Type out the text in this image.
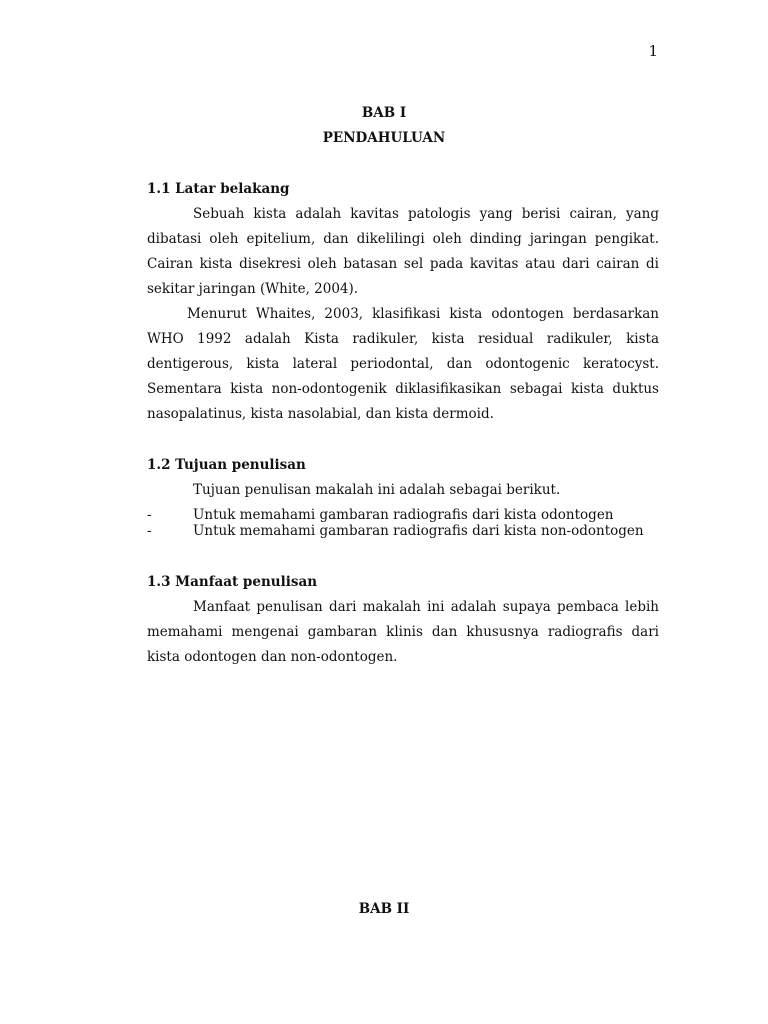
1
BAB I
PENDAHULUAN
1.1 Latar belakang

Sebuah kista adalah kavitas patologis yang berisi cairan, yang dibatasi oleh epitelium, dan dikelilingi oleh dinding jaringan pengikat. Cairan kista disekresi oleh batasan sel pada kavitas atau dari cairan di sekitar jaringan (White, 2004).

Menurut Whaites, 2003, klasifikasi kista odontogen berdasarkan WHO 1992 adalah Kista radikuler, kista residual radikuler, kista dentigerous, kista lateral periodontal, dan odontogenic keratocyst. Sementara kista non-odontogenik diklasifikasikan sebagai kista duktus nasopalatinus, kista nasolabial, dan kista dermoid.

1.2 Tujuan penulisan
Tujuan penulisan makalah ini adalah sebagai berikut.
-	Untuk memahami gambaran radiografis dari kista odontogen
-	Untuk memahami gambaran radiografis dari kista non-odontogen
1.3 Manfaat penulisan

Manfaat penulisan dari makalah ini adalah supaya pembaca lebih memahami mengenai gambaran klinis dan khususnya radiografis dari kista odontogen dan non-odontogen.

BAB II
